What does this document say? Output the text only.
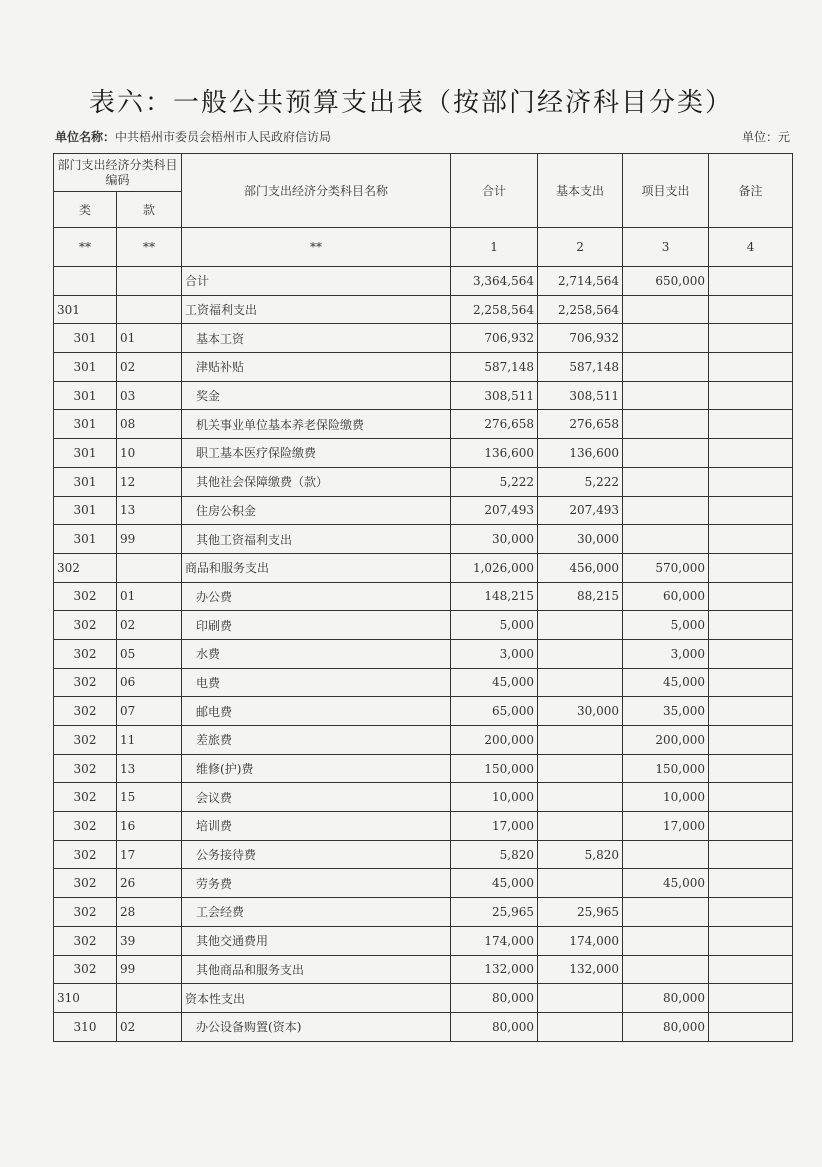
表六：一般公共预算支出表（按部门经济科目分类）
单位名称：中共梧州市委员会梧州市人民政府信访局	单位：元
部门支出经济分类科目编码		部门支出经济分类科目名称	合计	基本支出	项目支出	备注
类	款					
**	**	**	1	2	3	4
		合计	3,364,564	2,714,564	650,000	
301		工资福利支出	2,258,564	2,258,564		
301	01	基本工资	706,932	706,932		
301	02	津贴补贴	587,148	587,148		
301	03	奖金	308,511	308,511		
301	08	机关事业单位基本养老保险缴费	276,658	276,658		
301	10	职工基本医疗保险缴费	136,600	136,600		
301	12	其他社会保障缴费（款）	5,222	5,222		
301	13	住房公积金	207,493	207,493		
301	99	其他工资福利支出	30,000	30,000		
302		商品和服务支出	1,026,000	456,000	570,000	
302	01	办公费	148,215	88,215	60,000	
302	02	印刷费	5,000		5,000	
302	05	水费	3,000		3,000	
302	06	电费	45,000		45,000	
302	07	邮电费	65,000	30,000	35,000	
302	11	差旅费	200,000		200,000	
302	13	维修(护)费	150,000		150,000	
302	15	会议费	10,000		10,000	
302	16	培训费	17,000		17,000	
302	17	公务接待费	5,820	5,820		
302	26	劳务费	45,000		45,000	
302	28	工会经费	25,965	25,965		
302	39	其他交通费用	174,000	174,000		
302	99	其他商品和服务支出	132,000	132,000		
310		资本性支出	80,000		80,000	
310	02	办公设备购置(资本)	80,000		80,000	
